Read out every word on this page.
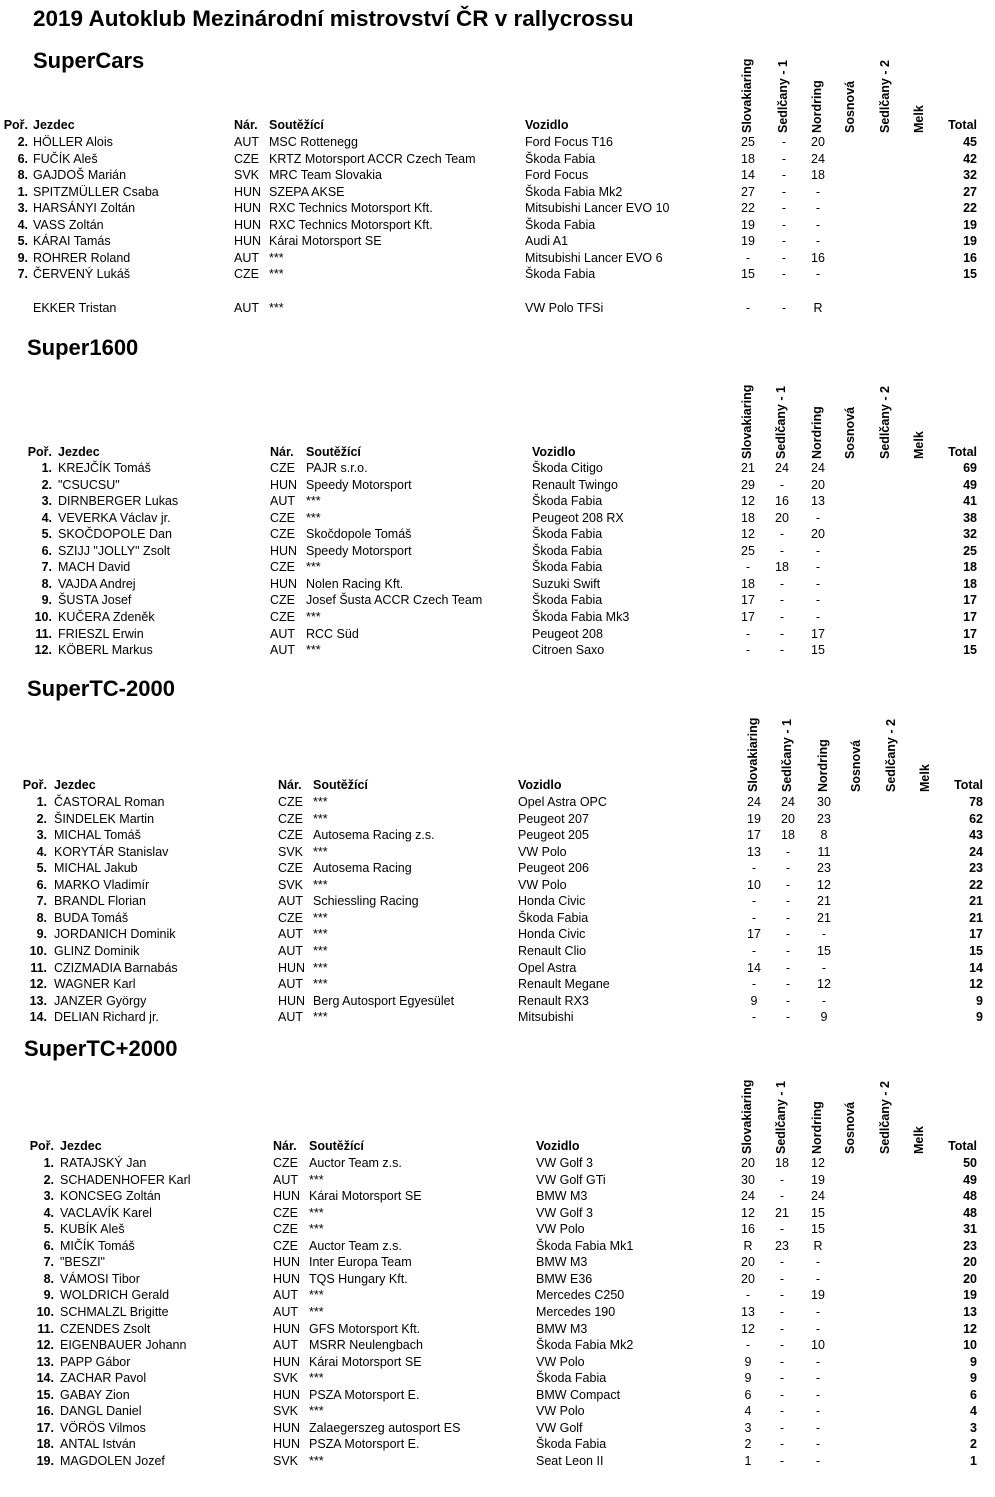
2019 Autoklub Mezinárodní mistrovství ČR v rallycrossu
SuperCars	Slovakiaring Sedlčany - 1 Nordring Sosnová Sedlčany - 2 Melk
Poř. Jezdec	Nár. Soutěžící	Vozidlo	Total
2. HÖLLER Alois	AUT MSC Rottenegg	Ford Focus T16	25	-	20	45
6. FUČÍK Aleš	CZE KRTZ Motorsport ACCR Czech Team	Škoda Fabia	18	-	24	42
8. GAJDOŠ Marián	SVK MRC Team Slovakia	Ford Focus	14	-	18	32
1. SPITZMÜLLER Csaba	HUN SZEPA AKSE	Škoda Fabia Mk2	27	-	-	27
3. HARSÁNYI Zoltán	HUN RXC Technics Motorsport Kft.	Mitsubishi Lancer EVO 10	22	-	-	22
4. VASS Zoltán	HUN RXC Technics Motorsport Kft.	Škoda Fabia	19	-	-	19
5. KÁRAI Tamás	HUN Kárai Motorsport SE	Audi A1	19	-	-	19
9. ROHRER Roland	AUT ***	Mitsubishi Lancer EVO 6	-	-	16	16
7. ČERVENÝ Lukáš	CZE ***	Škoda Fabia	15	-	-	15
EKKER Tristan	AUT ***	VW Polo TFSi	-	-	R
Super1600
Slovakiaring Sedlčany - 1 Nordring Sosnová Sedlčany - 2 Melk
Poř. Jezdec	Nár. Soutěžící	Vozidlo	Total
1. KREJČÍK Tomáš	CZE PAJR s.r.o.	Škoda Citigo	21	24	24	69
2. "CSUCSU"	HUN Speedy Motorsport	Renault Twingo	29	-	20	49
3. DIRNBERGER Lukas	AUT ***	Škoda Fabia	12	16	13	41
4. VEVERKA Václav jr.	CZE ***	Peugeot 208 RX	18	20	-	38
5. SKOČDOPOLE Dan	CZE Skočdopole Tomáš	Škoda Fabia	12	-	20	32
6. SZIJJ "JOLLY" Zsolt	HUN Speedy Motorsport	Škoda Fabia	25	-	-	25
7. MACH David	CZE ***	Škoda Fabia	-	18	-	18
8. VAJDA Andrej	HUN Nolen Racing Kft.	Suzuki Swift	18	-	-	18
9. ŠUSTA Josef	CZE Josef Šusta ACCR Czech Team	Škoda Fabia	17	-	-	17
10. KUČERA Zdeněk	CZE ***	Škoda Fabia Mk3	17	-	-	17
11. FRIESZL Erwin	AUT RCC Süd	Peugeot 208	-	-	17	17
12. KÖBERL Markus	AUT ***	Citroen Saxo	-	-	15	15
SuperTC-2000
Slovakiaring Sedlčany - 1 Nordring Sosnová Sedlčany - 2 Melk
Poř. Jezdec	Nár. Soutěžící	Vozidlo	Total
1. ČASTORAL Roman	CZE ***	Opel Astra OPC	24	24	30	78
2. ŠINDELEK Martin	CZE ***	Peugeot 207	19	20	23	62
3. MICHAL Tomáš	CZE Autosema Racing z.s.	Peugeot 205	17	18	8	43
4. KORYTÁR Stanislav	SVK ***	VW Polo	13	-	11	24
5. MICHAL Jakub	CZE Autosema Racing	Peugeot 206	-	-	23	23
6. MARKO Vladimír	SVK ***	VW Polo	10	-	12	22
7. BRANDL Florian	AUT Schiessling Racing	Honda Civic	-	-	21	21
8. BUDA Tomáš	CZE ***	Škoda Fabia	-	-	21	21
9. JORDANICH Dominik	AUT ***	Honda Civic	17	-	-	17
10. GLINZ Dominik	AUT ***	Renault Clio	-	-	15	15
11. CZIZMADIA Barnabás	HUN ***	Opel Astra	14	-	-	14
12. WAGNER Karl	AUT ***	Renault Megane	-	-	12	12
13. JANZER György	HUN Berg Autosport Egyesület	Renault RX3	9	-	-	9
14. DELIAN Richard jr.	AUT ***	Mitsubishi	-	-	9	9
SuperTC+2000
Slovakiaring Sedlčany - 1 Nordring Sosnová Sedlčany - 2 Melk
Poř. Jezdec	Nár. Soutěžící	Vozidlo	Total
1. RATAJSKÝ Jan	CZE Auctor Team z.s.	VW Golf 3	20	18	12	50
2. SCHADENHOFER Karl	AUT ***	VW Golf GTi	30	-	19	49
3. KONCSEG Zoltán	HUN Kárai Motorsport SE	BMW M3	24	-	24	48
4. VACLAVÍK Karel	CZE ***	VW Golf 3	12	21	15	48
5. KUBÍK Aleš	CZE ***	VW Polo	16	-	15	31
6. MIČÍK Tomáš	CZE Auctor Team z.s.	Škoda Fabia Mk1	R	23	R	23
7. "BESZI"	HUN Inter Europa Team	BMW M3	20	-	-	20
8. VÁMOSI Tibor	HUN TQS Hungary Kft.	BMW E36	20	-	-	20
9. WOLDRICH Gerald	AUT ***	Mercedes C250	-	-	19	19
10. SCHMALZL Brigitte	AUT ***	Mercedes 190	13	-	-	13
11. CZENDES Zsolt	HUN GFS Motorsport Kft.	BMW M3	12	-	-	12
12. EIGENBAUER Johann	AUT MSRR Neulengbach	Škoda Fabia Mk2	-	-	10	10
13. PAPP Gábor	HUN Kárai Motorsport SE	VW Polo	9	-	-	9
14. ZACHAR Pavol	SVK ***	Škoda Fabia	9	-	-	9
15. GABAY Zion	HUN PSZA Motorsport E.	BMW Compact	6	-	-	6
16. DANGL Daniel	SVK ***	VW Polo	4	-	-	4
17. VÖRÖS Vilmos	HUN Zalaegerszeg autosport ES	VW Golf	3	-	-	3
18. ANTAL István	HUN PSZA Motorsport E.	Škoda Fabia	2	-	-	2
19. MAGDOLEN Jozef	SVK ***	Seat Leon II	1	-	-	1
